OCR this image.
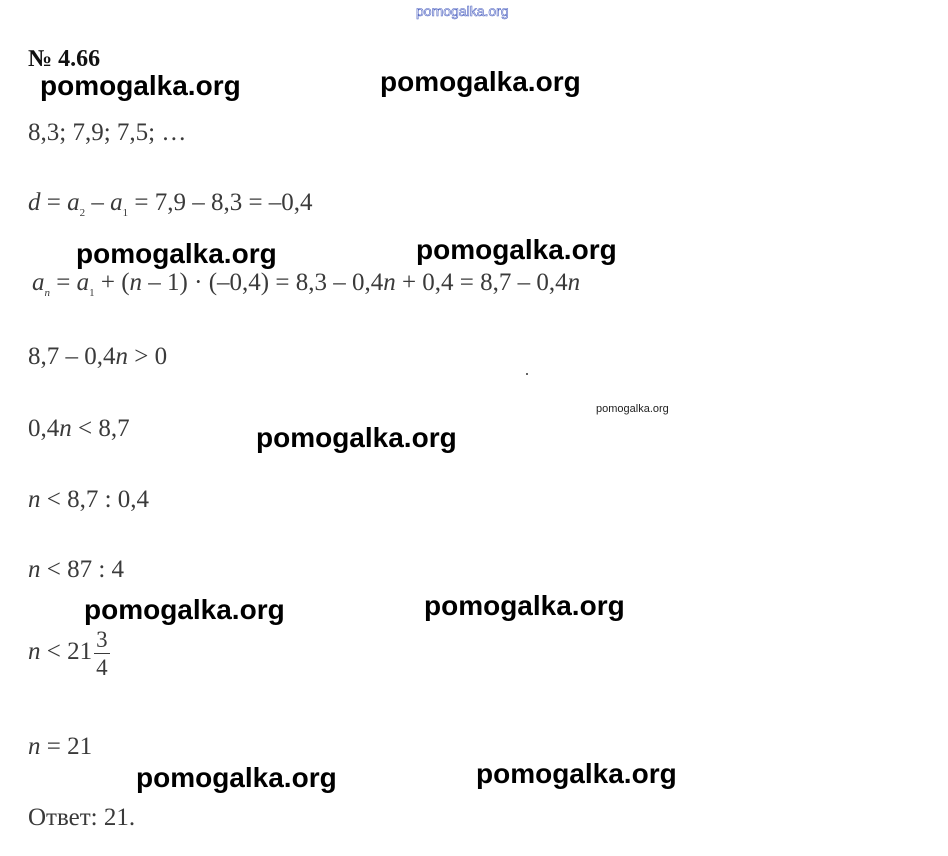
pomogalka.org
№ 4.66
8,3; 7,9; 7,5; …
$d = a_2 - a_1 = 7,9 - 8,3 = -0,4$
$a_n = a_1 + (n - 1) \cdot (-0,4) = 8,3 - 0,4n + 0,4 = 8,7 - 0,4n$
8,7 – 0,4n > 0
0,4n < 8,7
n < 8,7 : 0,4
n < 87 : 4
$n < 21 \frac{3}{4}$
n = 21
Ответ: 21.
pomogalka.org	pomogalka.org
pomogalka.org	pomogalka.org
pomogalka.org
pomogalka.org	pomogalka.org
pomogalka.org	pomogalka.org
pomogalka.org
